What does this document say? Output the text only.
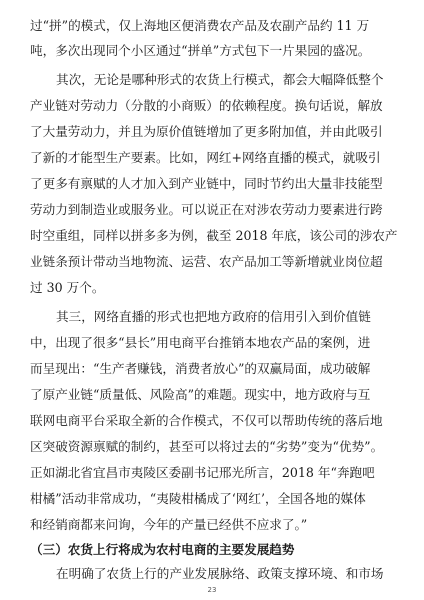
过“拼”的模式，仅上海地区便消费农产品及农副产品约 11 万
吨，多次出现同个小区通过“拼单”方式包下一片果园的盛况。
其次，无论是哪种形式的农货上行模式，都会大幅降低整个
产业链对劳动力（分散的小商贩）的依赖程度。换句话说，解放
了大量劳动力，并且为原价值链增加了更多附加值，并由此吸引
了新的才能型生产要素。比如，网红+网络直播的模式，就吸引
了更多有禀赋的人才加入到产业链中，同时节约出大量非技能型
劳动力到制造业或服务业。可以说正在对涉农劳动力要素进行跨
时空重组，同样以拼多多为例，截至 2018 年底，该公司的涉农产
业链条预计带动当地物流、运营、农产品加工等新增就业岗位超
过 30 万个。
其三，网络直播的形式也把地方政府的信用引入到价值链
中，出现了很多“县长”用电商平台推销本地农产品的案例，进
而呈现出：“生产者赚钱，消费者放心”的双赢局面，成功破解
了原产业链“质量低、风险高”的难题。现实中，地方政府与互
联网电商平台采取全新的合作模式，不仅可以帮助传统的落后地
区突破资源禀赋的制约，甚至可以将过去的“劣势”变为“优势”。
正如湖北省宜昌市夷陵区委副书记邢光所言，2018 年“奔跑吧
柑橘”活动非常成功，“夷陵柑橘成了‘网红’，全国各地的媒体
和经销商都来问询，今年的产量已经供不应求了。”
（三）农货上行将成为农村电商的主要发展趋势
在明确了农货上行的产业发展脉络、政策支撑环境、和市场
23
